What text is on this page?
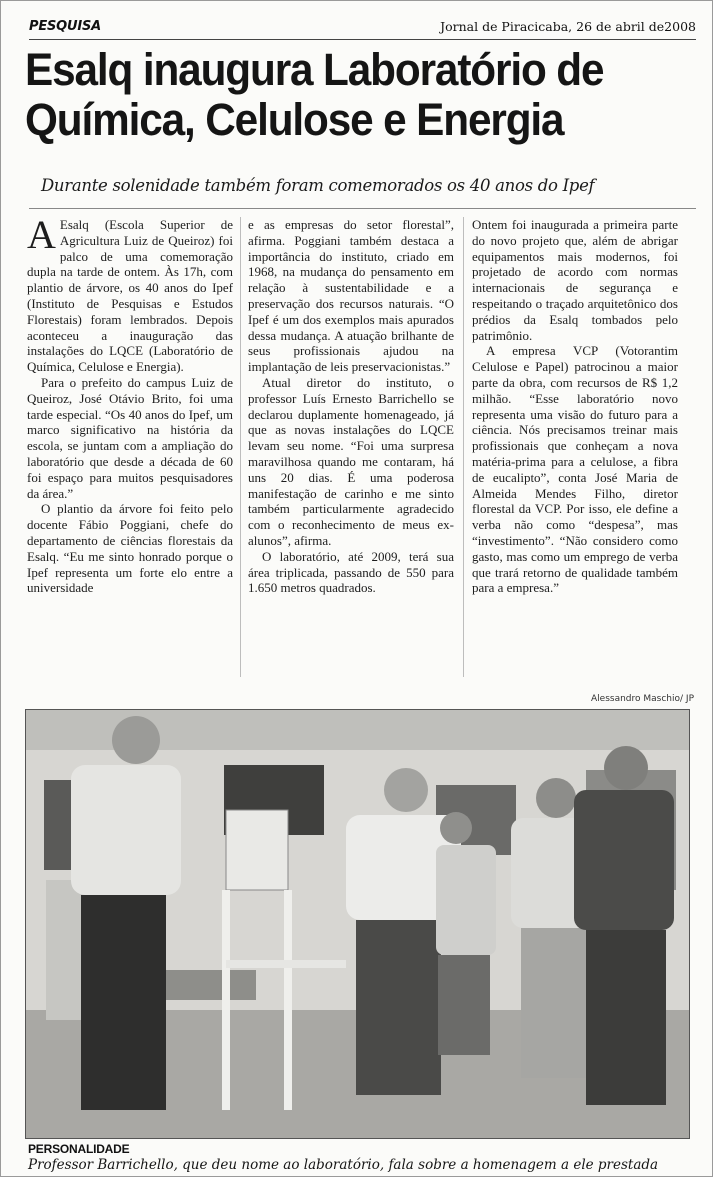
PESQUISA	Jornal de Piracicaba, 26 de abril de2008
Esalq inaugura Laboratório de
Química, Celulose e Energia
Durante solenidade também foram comemorados os 40 anos do Ipef

A Esalq (Escola Superior de Agricultura Luiz de Queiroz) foi palco de uma comemoração dupla na tarde de ontem. Às 17h, com plantio de árvore, os 40 anos do Ipef (Instituto de Pesquisas e Estudos Florestais) foram lembrados. Depois aconteceu a inauguração das instalações do LQCE (Laboratório de Química, Celulose e Energia).

Para o prefeito do campus Luiz de Queiroz, José Otávio Brito, foi uma tarde especial. “Os 40 anos do Ipef, um marco significativo na história da escola, se juntam com a ampliação do laboratório que desde a década de 60 foi espaço para muitos pesquisadores da área.”

O plantio da árvore foi feito pelo docente Fábio Poggiani, chefe do departamento de ciências florestais da Esalq. “Eu me sinto honrado porque o Ipef representa um forte elo entre a universidade

e as empresas do setor florestal”, afirma. Poggiani também destaca a importância do instituto, criado em 1968, na mudança do pensamento em relação à sustentabilidade e a preservação dos recursos naturais. “O Ipef é um dos exemplos mais apurados dessa mudança. A atuação brilhante de seus profissionais ajudou na implantação de leis preservacionistas.”

Atual diretor do instituto, o professor Luís Ernesto Barrichello se declarou duplamente homenageado, já que as novas instalações do LQCE levam seu nome. “Foi uma surpresa maravilhosa quando me contaram, há uns 20 dias. É uma poderosa manifestação de carinho e me sinto também particularmente agradecido com o reconhecimento de meus ex-alunos”, afirma.

O laboratório, até 2009, terá sua área triplicada, passando de 550 para 1.650 metros quadrados.

Ontem foi inaugurada a primeira parte do novo projeto que, além de abrigar equipamentos mais modernos, foi projetado de acordo com normas internacionais de segurança e respeitando o traçado arquitetônico dos prédios da Esalq tombados pelo patrimônio.

A empresa VCP (Votorantim Celulose e Papel) patrocinou a maior parte da obra, com recursos de R$ 1,2 milhão. “Esse laboratório novo representa uma visão do futuro para a ciência. Nós precisamos treinar mais profissionais que conheçam a nova matéria-prima para a celulose, a fibra de eucalipto”, conta José Maria de Almeida Mendes Filho, diretor florestal da VCP. Por isso, ele define a verba não como “despesa”, mas “investimento”. “Não considero como gasto, mas como um emprego de verba que trará retorno de qualidade também para a empresa.”

Alessandro Maschio/ JP
PERSONALIDADE
Professor Barrichello, que deu nome ao laboratório, fala sobre a homenagem a ele prestada
